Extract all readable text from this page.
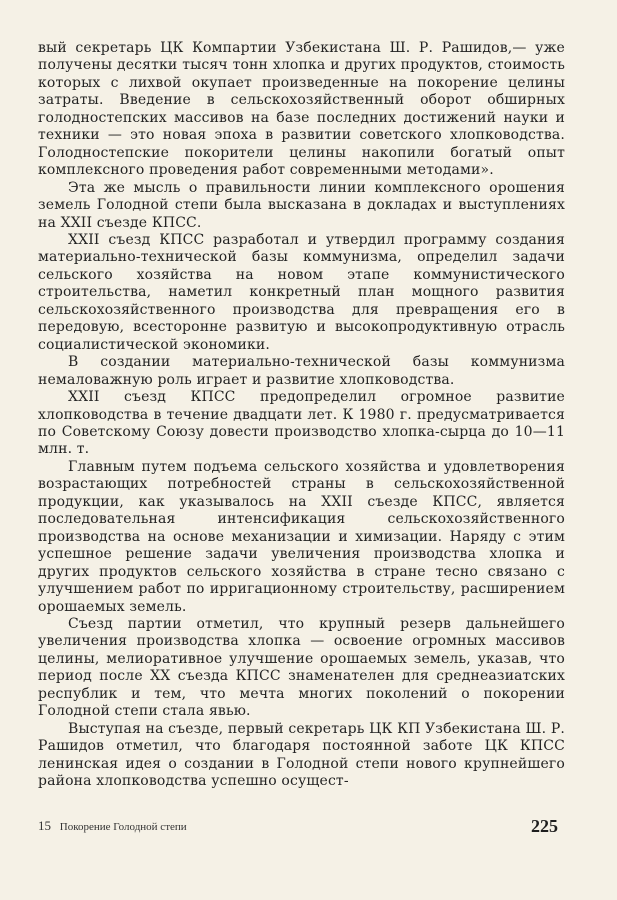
вый секретарь ЦК Компартии Узбекистана Ш. Р. Рашидов,— уже получены десятки тысяч тонн хлопка и других продуктов, стоимость которых с лихвой окупает произведенные на покорение целины затраты. Введение в сельскохозяйственный оборот обширных голодностепских массивов на базе последних достижений науки и техники — это новая эпоха в развитии советского хлопководства. Голодностепские покорители целины накопили богатый опыт комплексного проведения работ современными методами».

Эта же мысль о правильности линии комплексного орошения земель Голодной степи была высказана в докладах и выступлениях на XXII съезде КПСС.

XXII съезд КПСС разработал и утвердил программу создания материально-технической базы коммунизма, определил задачи сельского хозяйства на новом этапе коммунистического строительства, наметил конкретный план мощного развития сельскохозяйственного производства для превращения его в передовую, всесторонне развитую и высокопродуктивную отрасль социалистической экономики.

В создании материально-технической базы коммунизма немаловажную роль играет и развитие хлопководства.

XXII съезд КПСС предопределил огромное развитие хлопководства в течение двадцати лет. К 1980 г. предусматривается по Советскому Союзу довести производство хлопка-сырца до 10—11 млн. т.

Главным путем подъема сельского хозяйства и удовлетворения возрастающих потребностей страны в сельскохозяйственной продукции, как указывалось на XXII съезде КПСС, является последовательная интенсификация сельскохозяйственного производства на основе механизации и химизации. Наряду с этим успешное решение задачи увеличения производства хлопка и других продуктов сельского хозяйства в стране тесно связано с улучшением работ по ирригационному строительству, расширением орошаемых земель.

Съезд партии отметил, что крупный резерв дальнейшего увеличения производства хлопка — освоение огромных массивов целины, мелиоративное улучшение орошаемых земель, указав, что период после XX съезда КПСС знаменателен для среднеазиатских республик и тем, что мечта многих поколений о покорении Голодной степи стала явью.

Выступая на съезде, первый секретарь ЦК КП Узбекистана Ш. Р. Рашидов отметил, что благодаря постоянной заботе ЦК КПСС ленинская идея о создании в Голодной степи нового крупнейшего района хлопководства успешно осущест-

15 Покорение Голодной степи	225
